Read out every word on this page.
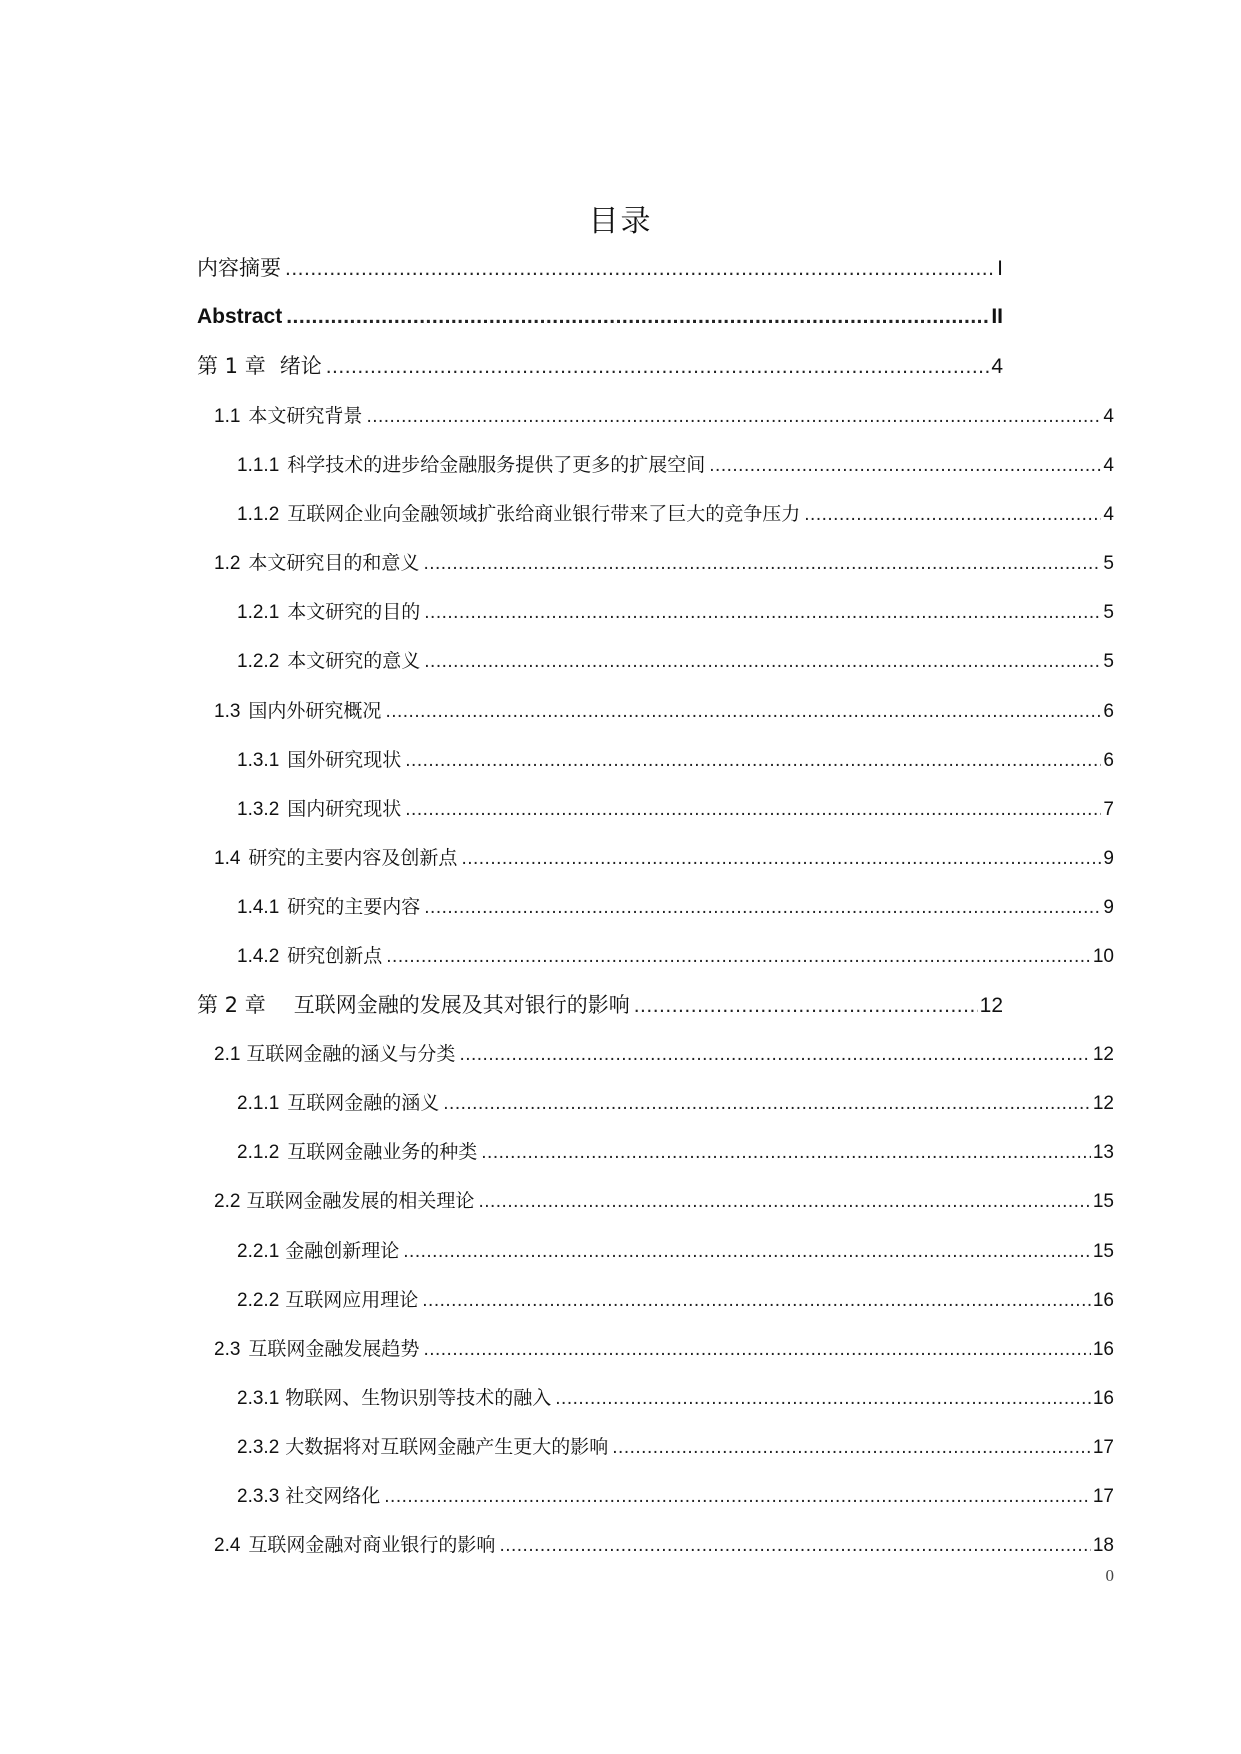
目录
内容摘要 .....	I
Abstract .....	II
第 1 章 绪论 .....	4
1.1 本文研究背景 .....	4
1.1.1 科学技术的进步给金融服务提供了更多的扩展空间 .....	4
1.1.2 互联网企业向金融领域扩张给商业银行带来了巨大的竞争压力 .....	4
1.2 本文研究目的和意义 .....	5
1.2.1 本文研究的目的 .....	5
1.2.2 本文研究的意义 .....	5
1.3 国内外研究概况 .....	6
1.3.1 国外研究现状 .....	6
1.3.2 国内研究现状 .....	7
1.4 研究的主要内容及创新点 .....	9
1.4.1 研究的主要内容 .....	9
1.4.2 研究创新点 .....	10
第 2 章 互联网金融的发展及其对银行的影响 .....	12
2.1 互联网金融的涵义与分类 .....	12
2.1.1 互联网金融的涵义 .....	12
2.1.2 互联网金融业务的种类 .....	13
2.2 互联网金融发展的相关理论 .....	15
2.2.1 金融创新理论 .....	15
2.2.2 互联网应用理论 .....	16
2.3 互联网金融发展趋势 .....	16
2.3.1 物联网、生物识别等技术的融入 .....	16
2.3.2 大数据将对互联网金融产生更大的影响 .....	17
2.3.3 社交网络化 .....	17
2.4 互联网金融对商业银行的影响 .....	18
0
